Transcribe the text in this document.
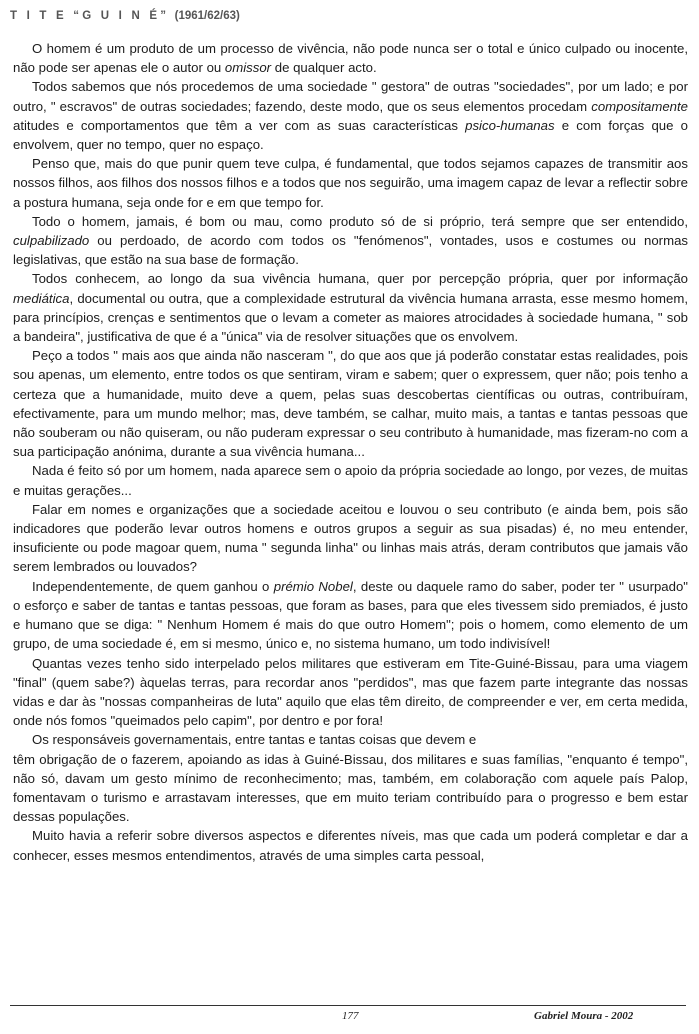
T I T E “G U I N É” (1961/62/63)

O homem é um produto de um processo de vivência, não pode nunca ser o total e único culpado ou inocente, não pode ser apenas ele o autor ou omissor de qualquer acto.

Todos sabemos que nós procedemos de uma sociedade " gestora" de outras "sociedades", por um lado; e por outro, " escravos" de outras sociedades; fazendo, deste modo, que os seus elementos procedam compositamente atitudes e comportamentos que têm a ver com as suas características psico-humanas e com forças que o envolvem, quer no tempo, quer no espaço.

Penso que, mais do que punir quem teve culpa, é fundamental, que todos sejamos capazes de transmitir aos nossos filhos, aos filhos dos nossos filhos e a todos que nos seguirão, uma imagem capaz de levar a reflectir sobre a postura humana, seja onde for e em que tempo for.

Todo o homem, jamais, é bom ou mau, como produto só de si próprio, terá sempre que ser entendido, culpabilizado ou perdoado, de acordo com todos os "fenómenos", vontades, usos e costumes ou normas legislativas, que estão na sua base de formação.

Todos conhecem, ao longo da sua vivência humana, quer por percepção própria, quer por informação mediática, documental ou outra, que a complexidade estrutural da vivência humana arrasta, esse mesmo homem, para princípios, crenças e sentimentos que o levam a cometer as maiores atrocidades à sociedade humana, " sob a bandeira", justificativa de que é a "única" via de resolver situações que os envolvem.

Peço a todos " mais aos que ainda não nasceram ", do que aos que já poderão constatar estas realidades, pois sou apenas, um elemento, entre todos os que sentiram, viram e sabem; quer o expressem, quer não; pois tenho a certeza que a humanidade, muito deve a quem, pelas suas descobertas científicas ou outras, contribuíram, efectivamente, para um mundo melhor; mas, deve também, se calhar, muito mais, a tantas e tantas pessoas que não souberam ou não quiseram, ou não puderam expressar o seu contributo à humanidade, mas fizeram-no com a sua participação anónima, durante a sua vivência humana...

Nada é feito só por um homem, nada aparece sem o apoio da própria sociedade ao longo, por vezes, de muitas e muitas gerações...

Falar em nomes e organizações que a sociedade aceitou e louvou o seu contributo (e ainda bem, pois são indicadores que poderão levar outros homens e outros grupos a seguir as sua pisadas) é, no meu entender, insuficiente ou pode magoar quem, numa " segunda linha" ou linhas mais atrás, deram contributos que jamais vão serem lembrados ou louvados?

Independentemente, de quem ganhou o prémio Nobel, deste ou daquele ramo do saber, poder ter " usurpado" o esforço e saber de tantas e tantas pessoas, que foram as bases, para que eles tivessem sido premiados, é justo e humano que se diga: " Nenhum Homem é mais do que outro Homem"; pois o homem, como elemento de um grupo, de uma sociedade é, em si mesmo, único e, no sistema humano, um todo indivisível!

Quantas vezes tenho sido interpelado pelos militares que estiveram em Tite-Guiné-Bissau, para uma viagem "final" (quem sabe?) àquelas terras, para recordar anos "perdidos", mas que fazem parte integrante das nossas vidas e dar às "nossas companheiras de luta" aquilo que elas têm direito, de compreender e ver, em certa medida, onde nós fomos "queimados pelo capim", por dentro e por fora!

Os responsáveis governamentais, entre tantas e tantas coisas que devem e

têm obrigação de o fazerem, apoiando as idas à Guiné-Bissau, dos militares e suas famílias, "enquanto é tempo", não só, davam um gesto mínimo de reconhecimento; mas, também, em colaboração com aquele país Palop, fomentavam o turismo e arrastavam interesses, que em muito teriam contribuído para o progresso e bem estar dessas populações.

Muito havia a referir sobre diversos aspectos e diferentes níveis, mas que cada um poderá completar e dar a conhecer, esses mesmos entendimentos, através de uma simples carta pessoal,

177	Gabriel Moura - 2002
